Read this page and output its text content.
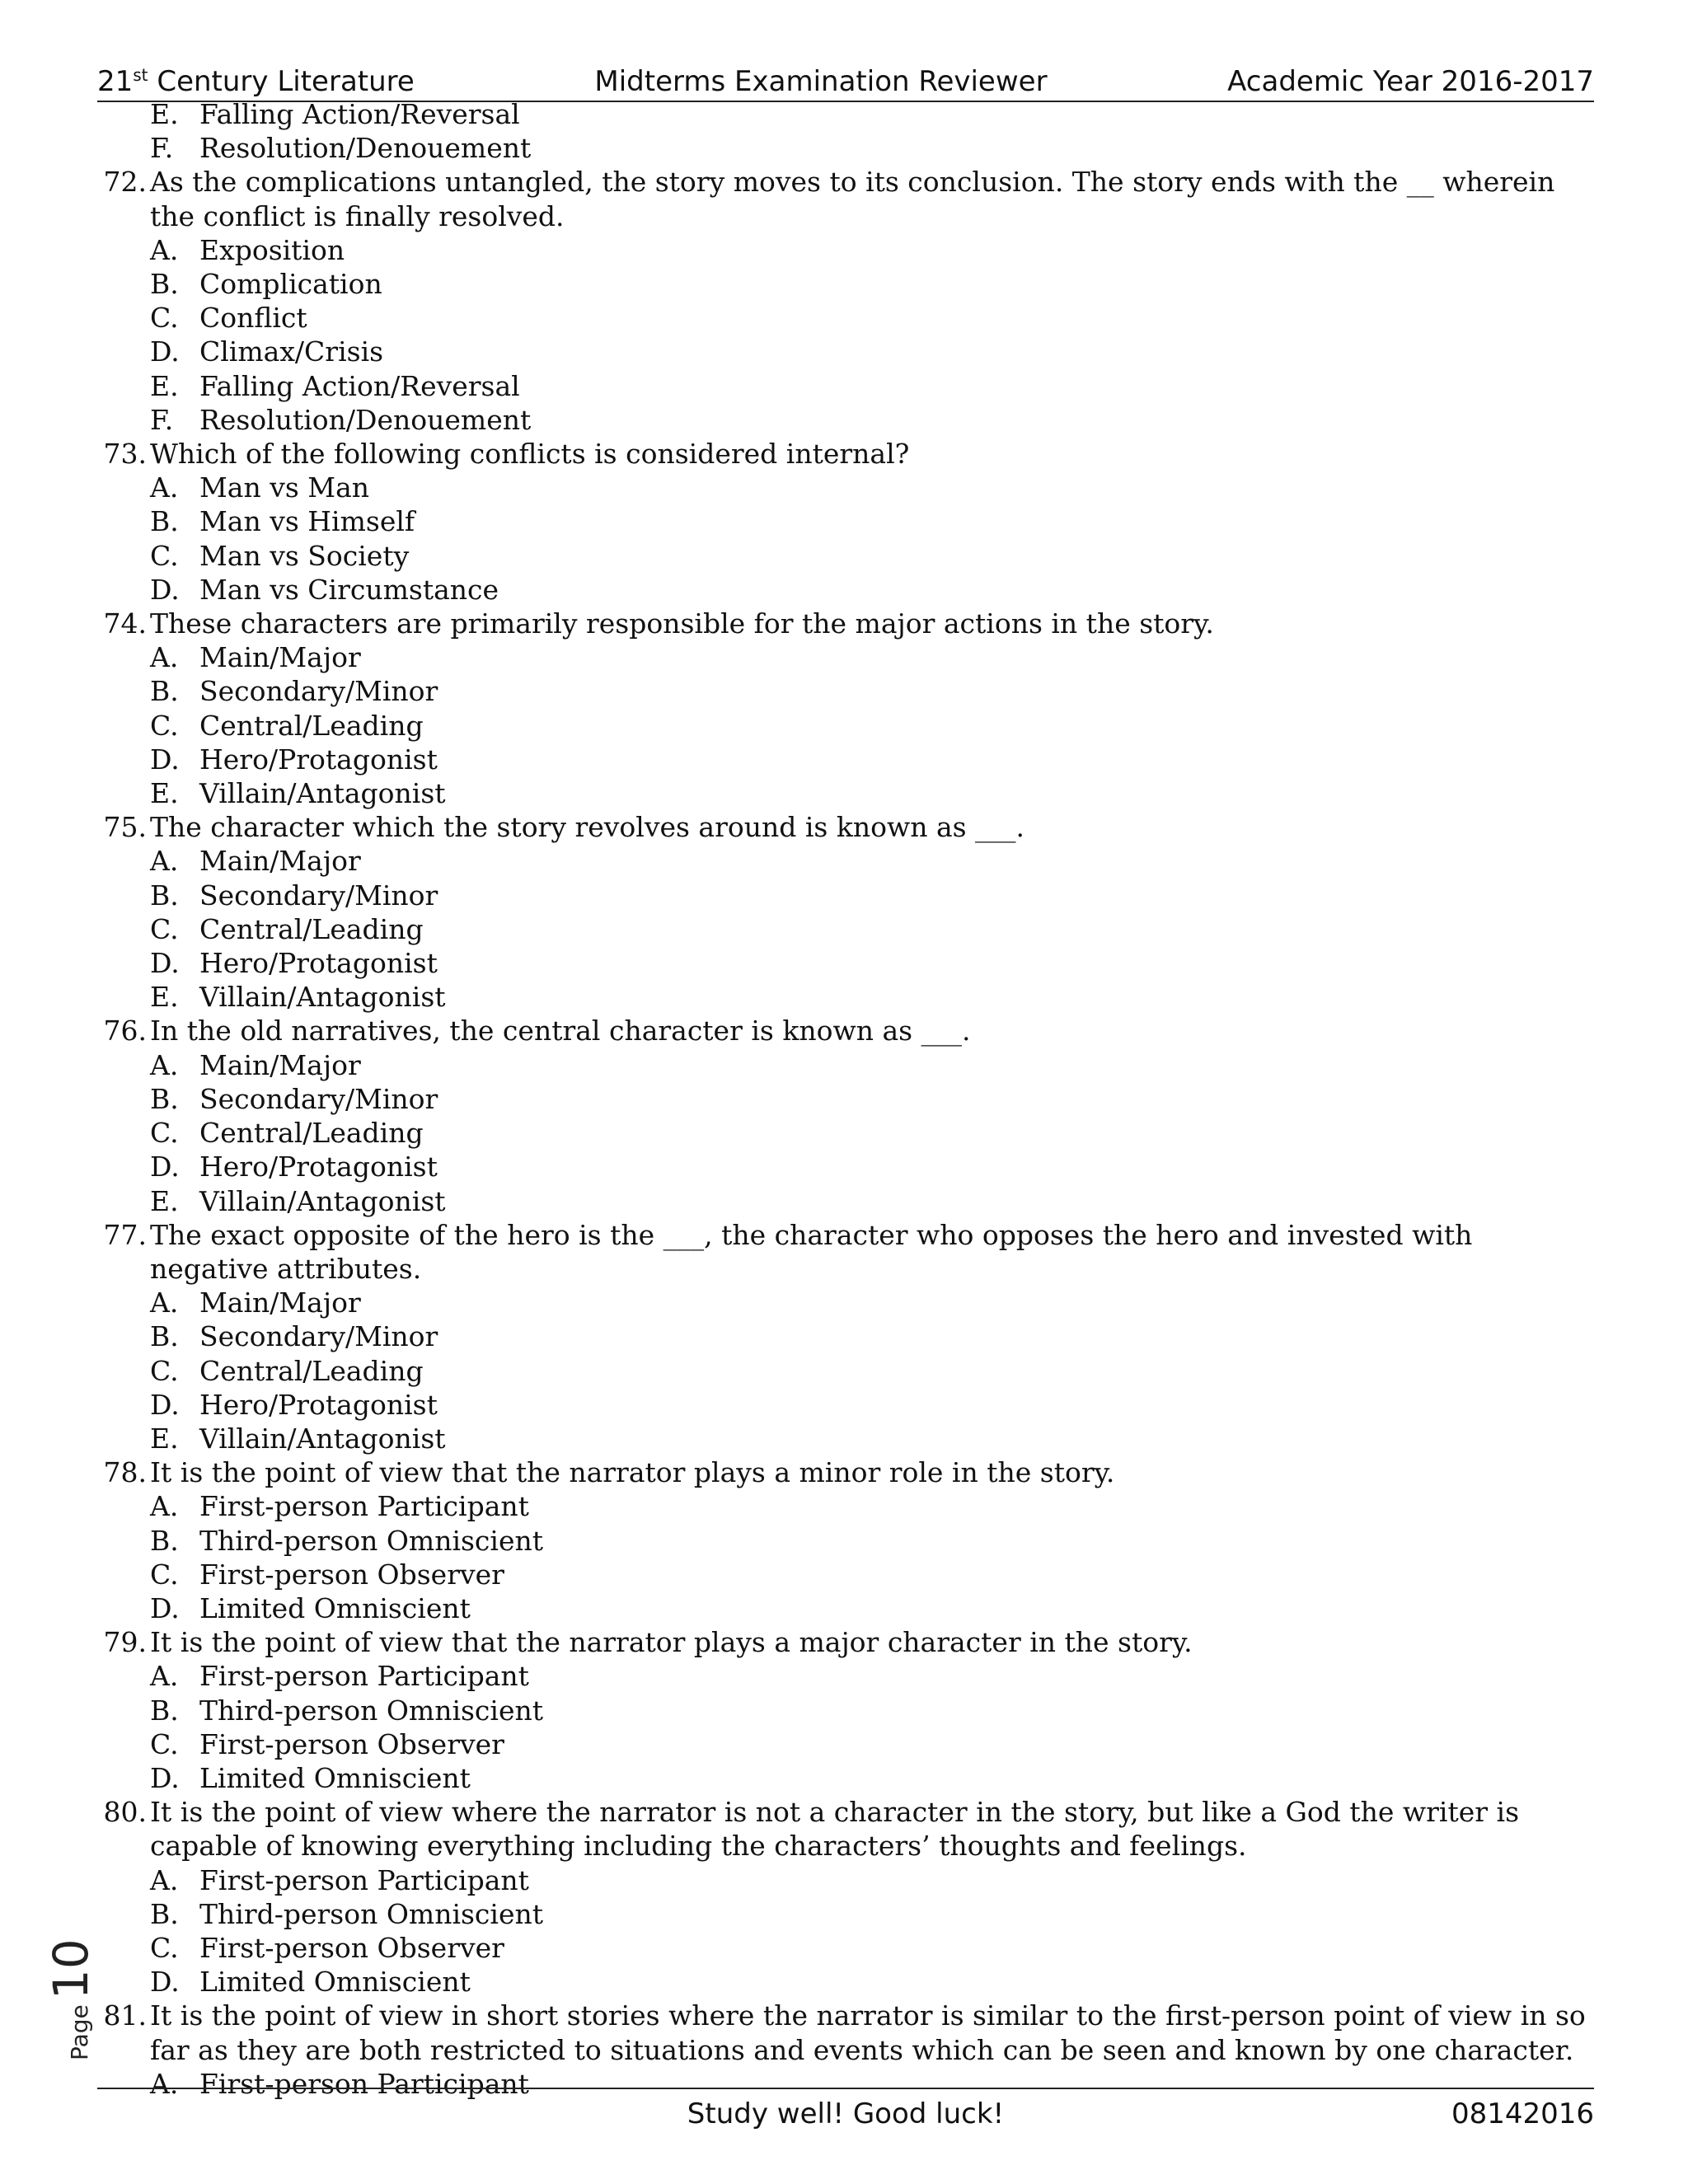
21st Century Literature	Midterms Examination Reviewer	Academic Year 2016-2017
E. Falling Action/Reversal
F. Resolution/Denouement
72. As the complications untangled, the story moves to its conclusion. The story ends with the __ wherein the conflict is finally resolved.
A. Exposition
B. Complication
C. Conflict
D. Climax/Crisis
E. Falling Action/Reversal
F. Resolution/Denouement
73. Which of the following conflicts is considered internal?
A. Man vs Man
B. Man vs Himself
C. Man vs Society
D. Man vs Circumstance
74. These characters are primarily responsible for the major actions in the story.
A. Main/Major
B. Secondary/Minor
C. Central/Leading
D. Hero/Protagonist
E. Villain/Antagonist
75. The character which the story revolves around is known as ___.
A. Main/Major
B. Secondary/Minor
C. Central/Leading
D. Hero/Protagonist
E. Villain/Antagonist
76. In the old narratives, the central character is known as ___.
A. Main/Major
B. Secondary/Minor
C. Central/Leading
D. Hero/Protagonist
E. Villain/Antagonist
77. The exact opposite of the hero is the ___, the character who opposes the hero and invested with negative attributes.
A. Main/Major
B. Secondary/Minor
C. Central/Leading
D. Hero/Protagonist
E. Villain/Antagonist
78. It is the point of view that the narrator plays a minor role in the story.
A. First-person Participant
B. Third-person Omniscient
C. First-person Observer
D. Limited Omniscient
79. It is the point of view that the narrator plays a major character in the story.
A. First-person Participant
B. Third-person Omniscient
C. First-person Observer
D. Limited Omniscient
80. It is the point of view where the narrator is not a character in the story, but like a God the writer is capable of knowing everything including the characters’ thoughts and feelings.
A. First-person Participant
B. Third-person Omniscient
C. First-person Observer
D. Limited Omniscient
81. It is the point of view in short stories where the narrator is similar to the first-person point of view in so far as they are both restricted to situations and events which can be seen and known by one character.
A. First-person Participant
Study well! Good luck!	08142016
Page
10
